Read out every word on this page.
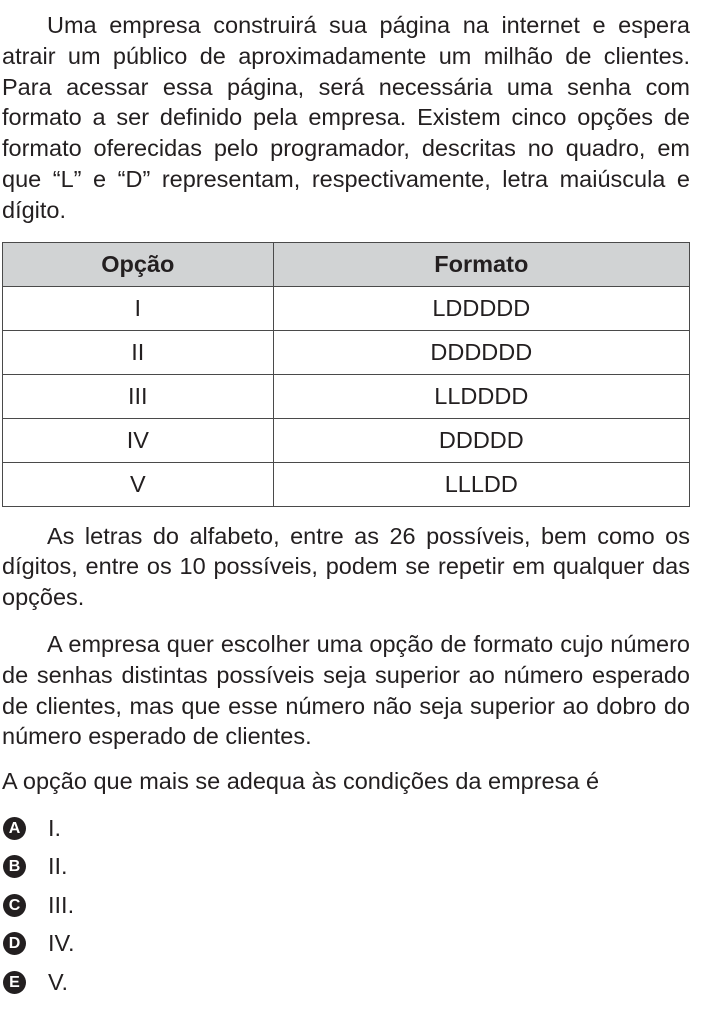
Uma empresa construirá sua página na internet e espera atrair um público de aproximadamente um milhão de clientes. Para acessar essa página, será necessária uma senha com formato a ser definido pela empresa. Existem cinco opções de formato oferecidas pelo programador, descritas no quadro, em que “L” e “D” representam, respectivamente, letra maiúscula e dígito.

Opção	Formato
I	LDDDDD
II	DDDDDD
III	LLDDDD
IV	DDDDD
V	LLLDD

As letras do alfabeto, entre as 26 possíveis, bem como os dígitos, entre os 10 possíveis, podem se repetir em qualquer das opções.

A empresa quer escolher uma opção de formato cujo número de senhas distintas possíveis seja superior ao número esperado de clientes, mas que esse número não seja superior ao dobro do número esperado de clientes.

A opção que mais se adequa às condições da empresa é

A I.
B II.
C III.
D IV.
E V.
